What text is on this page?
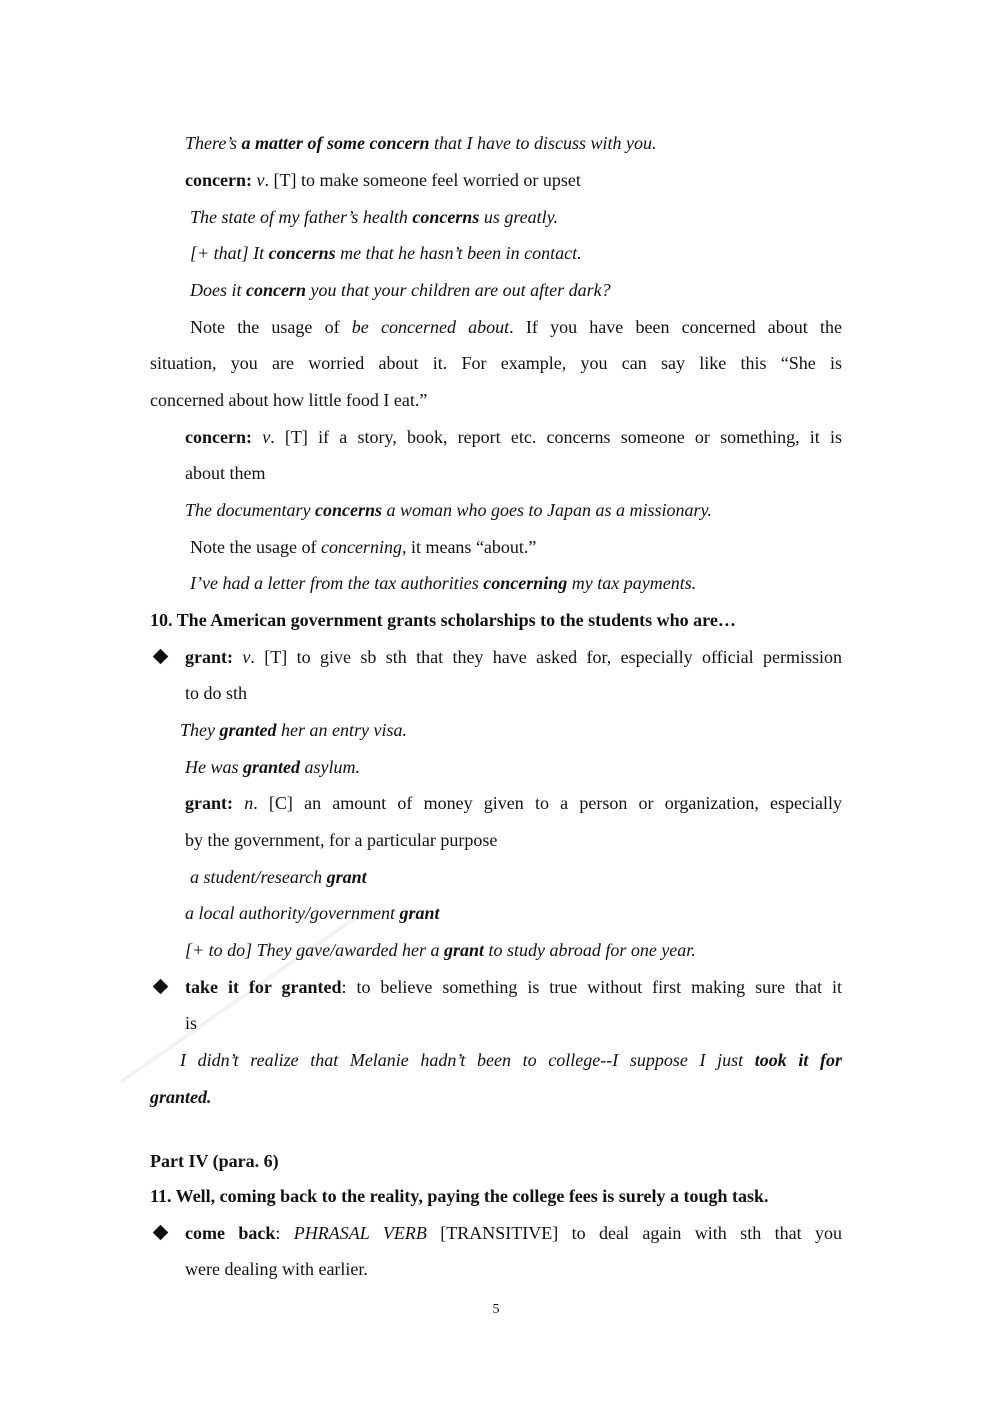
There’s a matter of some concern that I have to discuss with you.
concern: v. [T] to make someone feel worried or upset
The state of my father’s health concerns us greatly.
[+ that] It concerns me that he hasn’t been in contact.
Does it concern you that your children are out after dark?
Note the usage of be concerned about. If you have been concerned about the
situation, you are worried about it. For example, you can say like this “She is
concerned about how little food I eat.”
concern: v. [T] if a story, book, report etc. concerns someone or something, it is
about them
The documentary concerns a woman who goes to Japan as a missionary.
Note the usage of concerning, it means “about.”
I’ve had a letter from the tax authorities concerning my tax payments.
10. The American government grants scholarships to the students who are…
grant: v. [T] to give sb sth that they have asked for, especially official permission
to do sth
They granted her an entry visa.
He was granted asylum.
grant: n. [C] an amount of money given to a person or organization, especially
by the government, for a particular purpose
a student/research grant
a local authority/government grant
[+ to do] They gave/awarded her a grant to study abroad for one year.
take it for granted: to believe something is true without first making sure that it
is
I didn’t realize that Melanie hadn’t been to college--I suppose I just took it for
granted.
Part IV (para. 6)
11. Well, coming back to the reality, paying the college fees is surely a tough task.
come back: PHRASAL VERB [TRANSITIVE] to deal again with sth that you
were dealing with earlier.
5
